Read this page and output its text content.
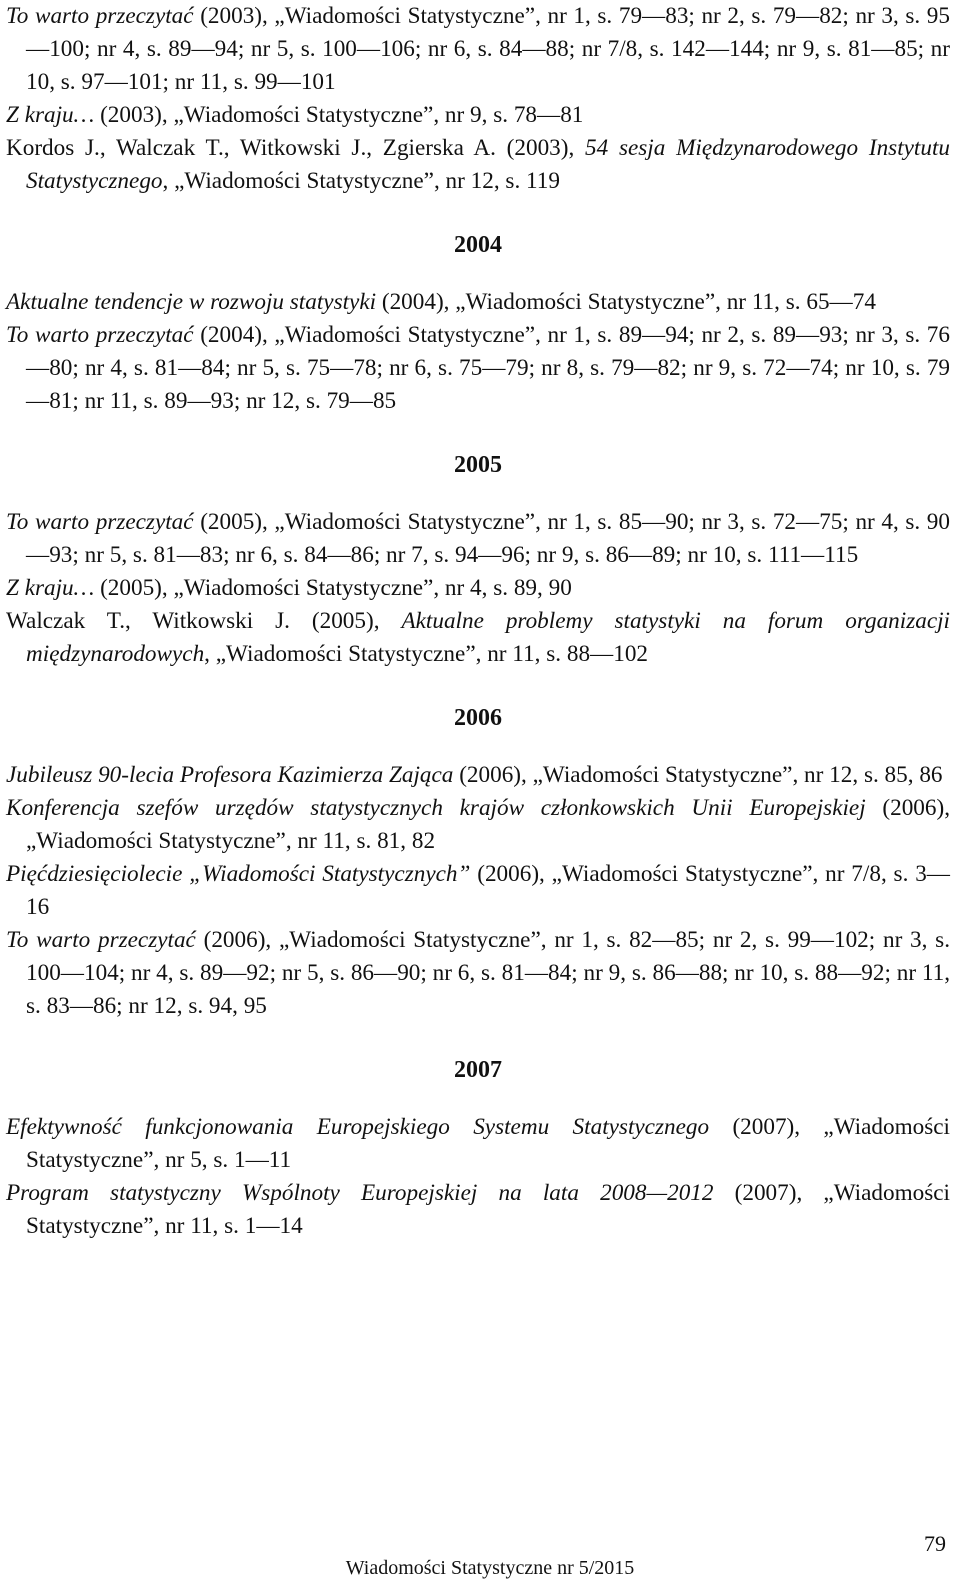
To warto przeczytać (2003), „Wiadomości Statystyczne”, nr 1, s. 79—83; nr 2, s. 79—82; nr 3, s. 95—100; nr 4, s. 89—94; nr 5, s. 100—106; nr 6, s. 84—88; nr 7/8, s. 142—144; nr 9, s. 81—85; nr 10, s. 97—101; nr 11, s. 99—101

Z kraju… (2003), „Wiadomości Statystyczne”, nr 9, s. 78—81

Kordos J., Walczak T., Witkowski J., Zgierska A. (2003), 54 sesja Międzynarodowego Instytutu Statystycznego, „Wiadomości Statystyczne”, nr 12, s. 119

2004

Aktualne tendencje w rozwoju statystyki (2004), „Wiadomości Statystyczne”, nr 11, s. 65—74

To warto przeczytać (2004), „Wiadomości Statystyczne”, nr 1, s. 89—94; nr 2, s. 89—93; nr 3, s. 76—80; nr 4, s. 81—84; nr 5, s. 75—78; nr 6, s. 75—79; nr 8, s. 79—82; nr 9, s. 72—74; nr 10, s. 79—81; nr 11, s. 89—93; nr 12, s. 79—85

2005

To warto przeczytać (2005), „Wiadomości Statystyczne”, nr 1, s. 85—90; nr 3, s. 72—75; nr 4, s. 90—93; nr 5, s. 81—83; nr 6, s. 84—86; nr 7, s. 94—96; nr 9, s. 86—89; nr 10, s. 111—115

Z kraju… (2005), „Wiadomości Statystyczne”, nr 4, s. 89, 90

Walczak T., Witkowski J. (2005), Aktualne problemy statystyki na forum organizacji międzynarodowych, „Wiadomości Statystyczne”, nr 11, s. 88—102

2006

Jubileusz 90-lecia Profesora Kazimierza Zająca (2006), „Wiadomości Statystyczne”, nr 12, s. 85, 86

Konferencja szefów urzędów statystycznych krajów członkowskich Unii Europejskiej (2006), „Wiadomości Statystyczne”, nr 11, s. 81, 82

Pięćdziesięciolecie „Wiadomości Statystycznych” (2006), „Wiadomości Statystyczne”, nr 7/8, s. 3—16

To warto przeczytać (2006), „Wiadomości Statystyczne”, nr 1, s. 82—85; nr 2, s. 99—102; nr 3, s. 100—104; nr 4, s. 89—92; nr 5, s. 86—90; nr 6, s. 81—84; nr 9, s. 86—88; nr 10, s. 88—92; nr 11, s. 83—86; nr 12, s. 94, 95

2007

Efektywność funkcjonowania Europejskiego Systemu Statystycznego (2007), „Wiadomości Statystyczne”, nr 5, s. 1—11

Program statystyczny Wspólnoty Europejskiej na lata 2008—2012 (2007), „Wiadomości Statystyczne”, nr 11, s. 1—14

79
Wiadomości Statystyczne nr 5/2015
